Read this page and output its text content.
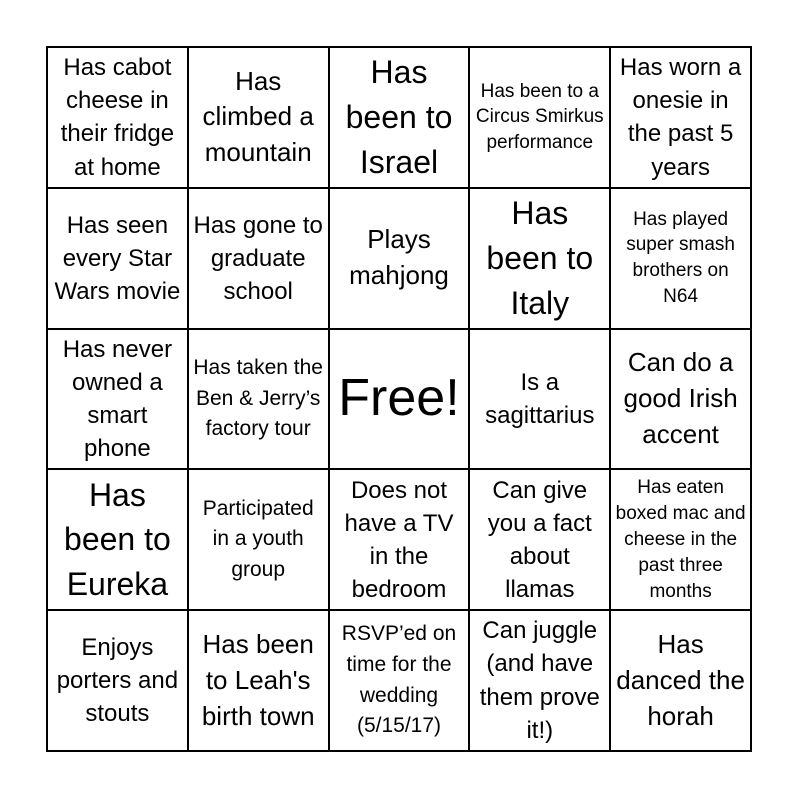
Has cabot cheese in their fridge at home
Has climbed a mountain
Has been to Israel
Has been to a Circus Smirkus performance
Has worn a onesie in the past 5 years
Has seen every Star Wars movie
Has gone to graduate school
Plays mahjong
Has been to Italy
Has played super smash brothers on N64
Has never owned a smart phone
Has taken the Ben & Jerry’s factory tour
Free!	Is a sagittarius
Can do a good Irish accent
Has been to Eureka
Participated in a youth group
Does not have a TV in the bedroom
Can give you a fact about llamas
Has eaten boxed mac and cheese in the past three months
Enjoys porters and stouts
Has been to Leah's birth town
RSVP’ed on time for the wedding (5/15/17)
Can juggle (and have them prove it!)
Has danced the horah
